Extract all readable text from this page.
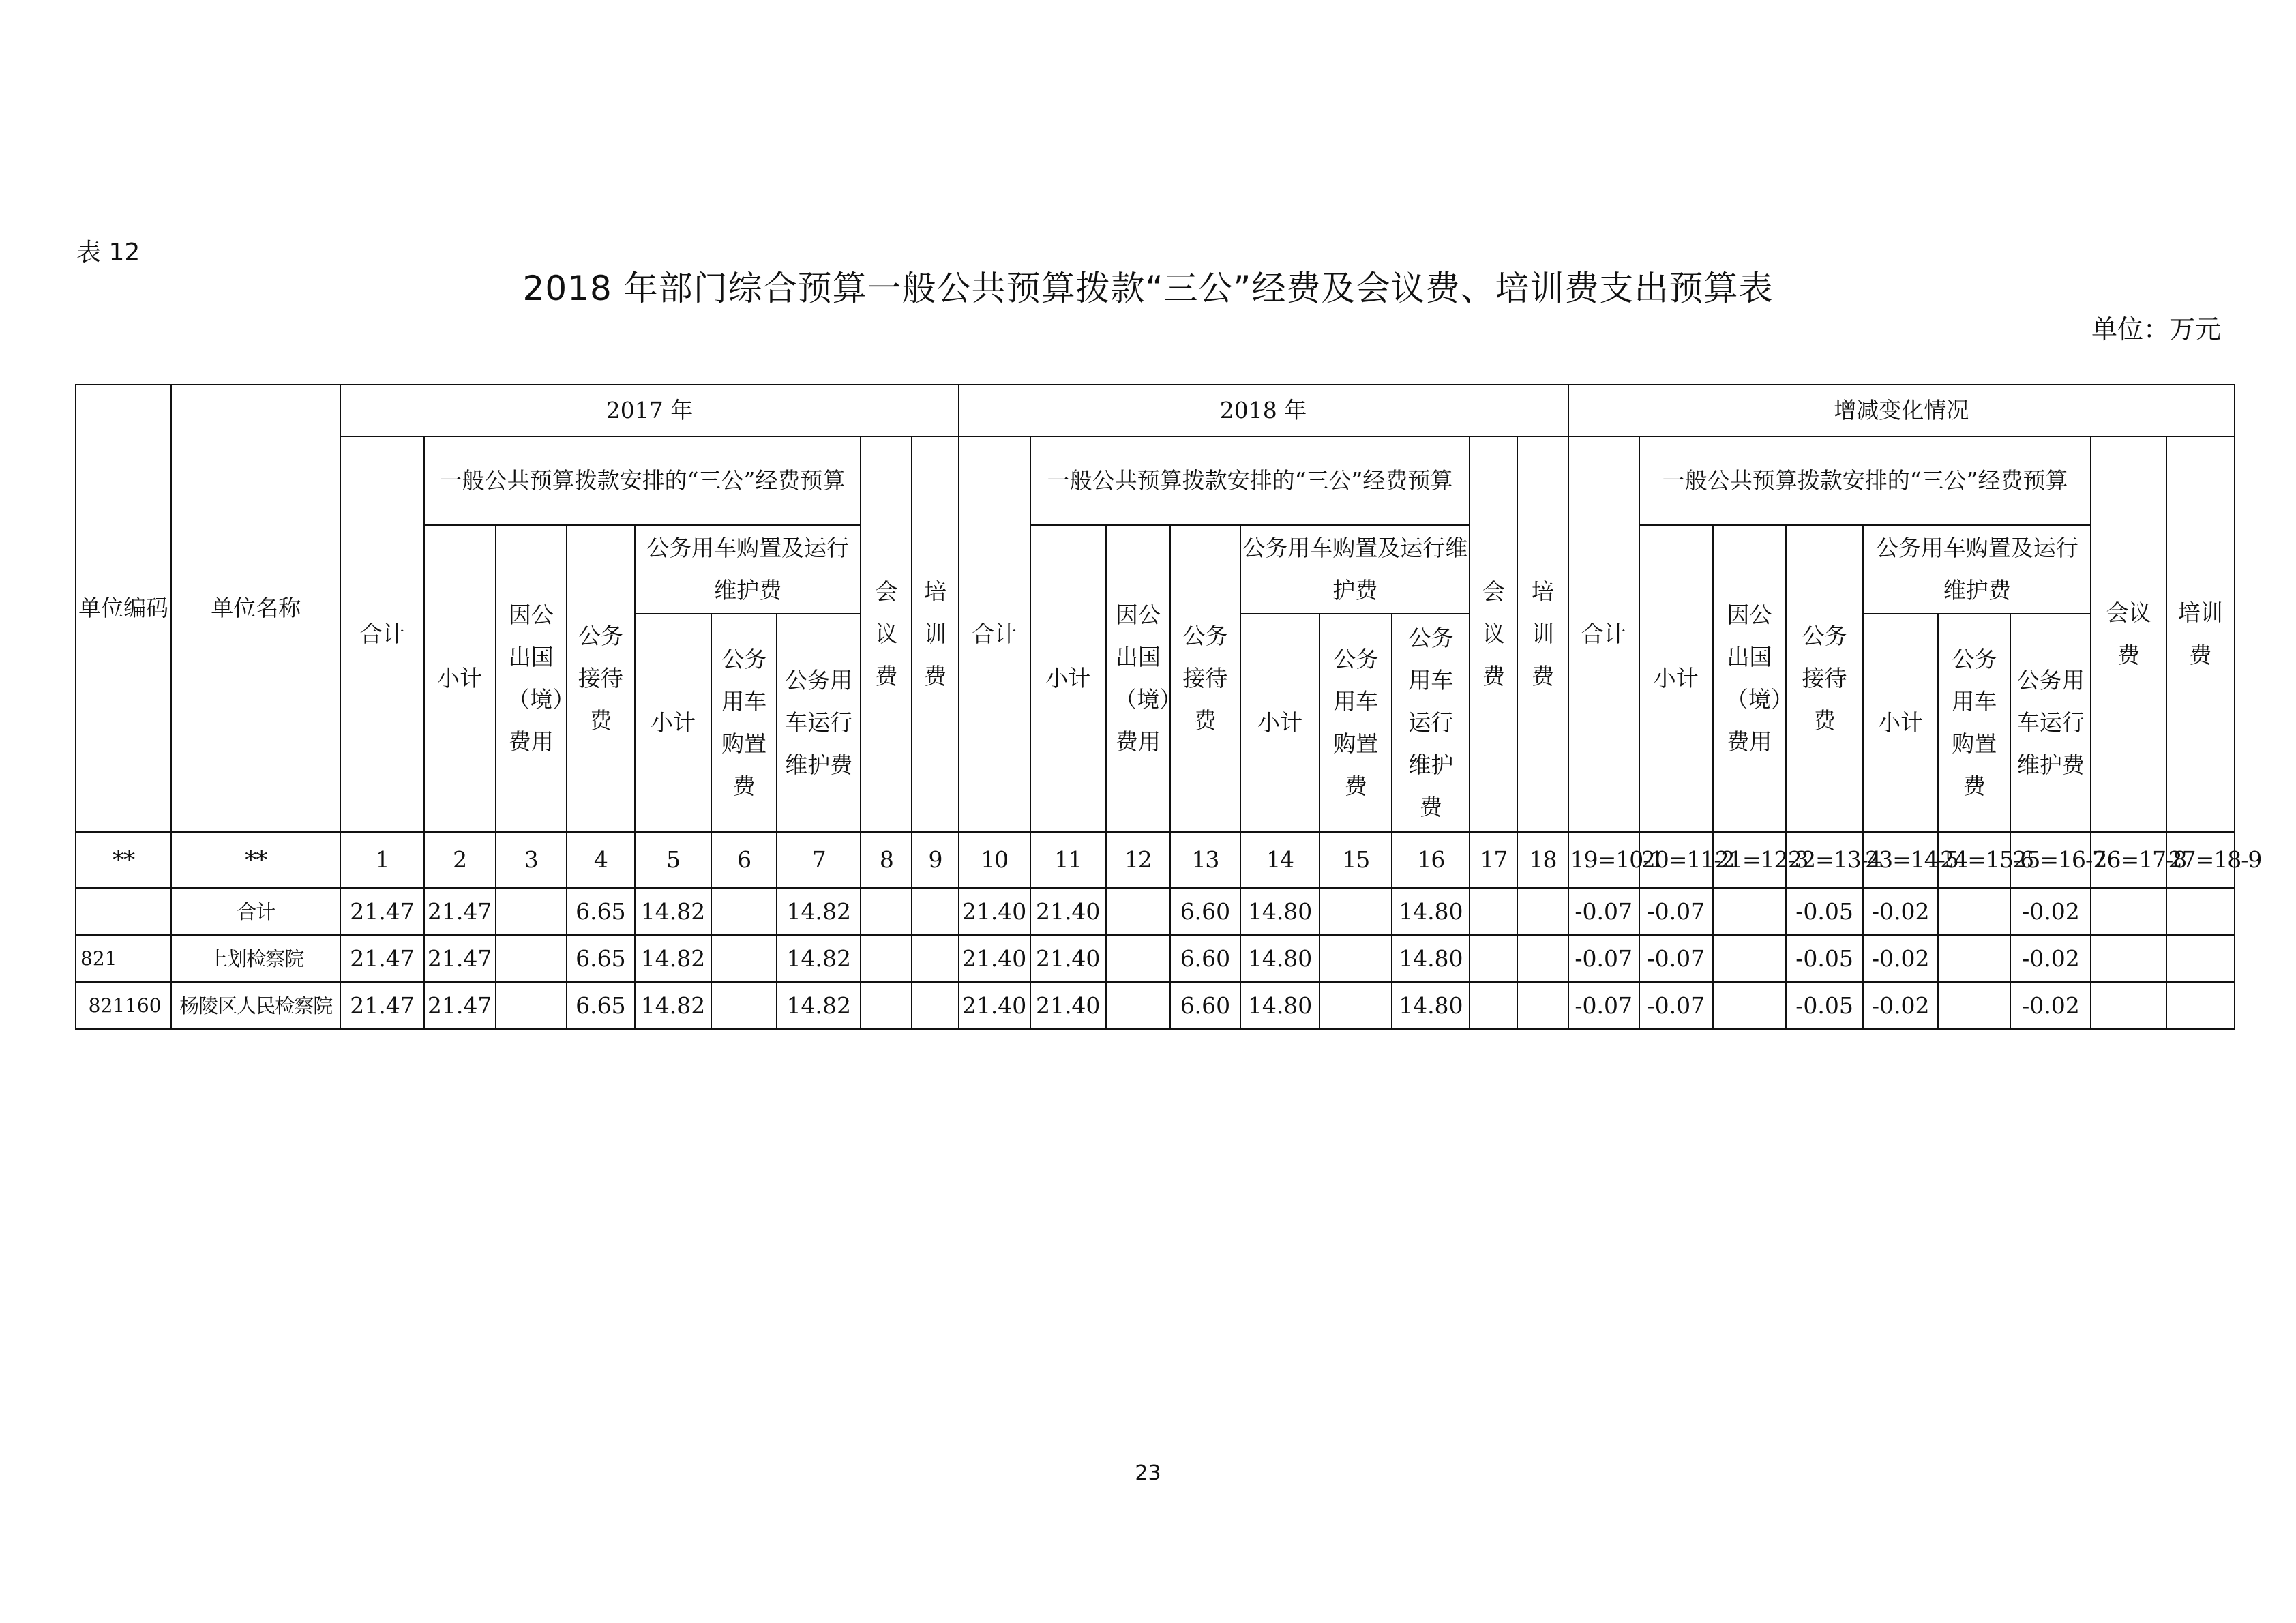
表 12
2018 年部门综合预算一般公共预算拨款“三公”经费及会议费、培训费支出预算表
单位：万元
单位编码	单位名称	2017 年									2018 年									增减变化情况								
		合计	一般公共预算拨款安排的“三公”经费预算						会议费	培训费	合计	一般公共预算拨款安排的“三公”经费预算						会议费	培训费	合计	一般公共预算拨款安排的“三公”经费预算						会议费	培训费
			小计	因公出国（境）费用	公务接待费	公务用车购置及运行维护费						小计	因公出国（境）费用	公务接待费	公务用车购置及运行维护费						小计	因公出国（境）费用	公务接待费	公务用车购置及运行维护费				
						小计	公务用车购置费	公务用车运行维护费							小计	公务用车购置费	公务用车运行维护费							小计	公务用车购置费	公务用车运行维护费		
**	**	1	2	3	4	5	6	7	8	9	10	11	12	13	14	15	16	17	18	19=10-1	20=11-2	21=12-3	22=13-4	23=14-5	24=15-6	25=16-7	26=17-8	27=18-9
	合计	21.47	21.47		6.65	14.82		14.82			21.40	21.40		6.60	14.80		14.80			-0.07	-0.07		-0.05	-0.02		-0.02		
821	上划检察院	21.47	21.47		6.65	14.82		14.82			21.40	21.40		6.60	14.80		14.80			-0.07	-0.07		-0.05	-0.02		-0.02		
821160	杨陵区人民检察院	21.47	21.47		6.65	14.82		14.82			21.40	21.40		6.60	14.80		14.80			-0.07	-0.07		-0.05	-0.02		-0.02		
23
